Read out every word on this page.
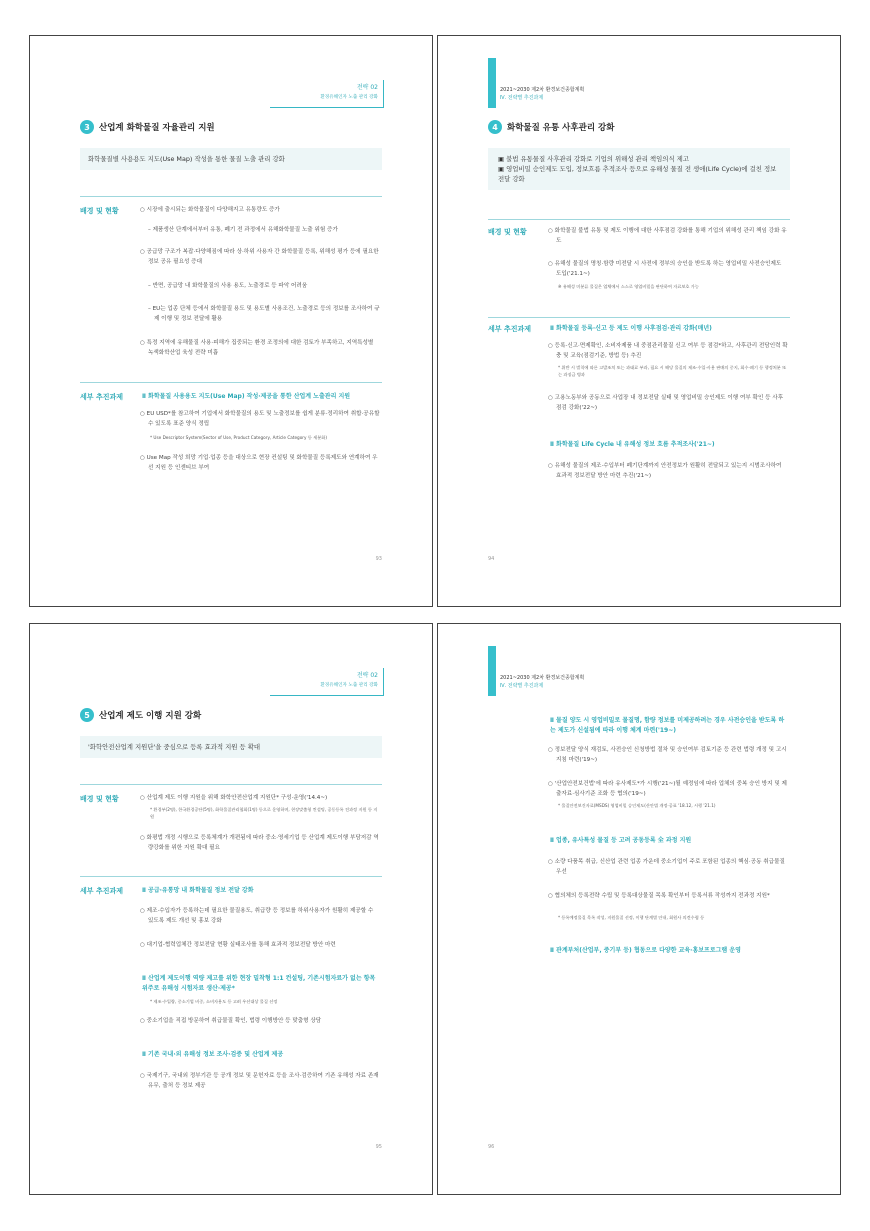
전략 02
환경유해인자 노출 관리 강화
3	산업계 화학물질 자율관리 지원
화학물질별 사용용도 지도(Use Map) 작성을 통한 물질 노출 관리 강화
배경 및 현황	○ 시장에 출시되는 화학물질이 다양해지고 유통량도 증가
– 제품생산 단계에서부터 유통, 폐기 전 과정에서 유해화학물질 노출 위험 증가
○ 공급망 구조가 복잡·다양해짐에 따라 상·하위 사용자 간 화학물질 등록, 위해성 평가 등에 필요한 정보 공유 필요성 증대
– 반면, 공급망 내 화학물질의 사용 용도, 노출경로 등 파악 어려움
– EU는 업종 단체 등에서 화학물질 용도 및 용도별 사용조건, 노출경로 등의 정보를 조사하여 규제 이행 및 정보 전달에 활용
○ 특정 지역에 유해물질 사용·피해가 집중되는 환경 조정의에 대한 검토가 부족하고, 지역특성별 녹색화학산업 육성 전략 미흡
세부 추진과제	Ⅱ 화학물질 사용용도 지도(Use Map) 작성·제공을 통한 산업계 노출관리 지원
○ EU USD*를 참고하여 기업에서 화학물질의 용도 및 노출정보를 쉽게 분류·정리하여 취합·공유할 수 있도록 표준 양식 정립
* Use Descriptor System(Sector of Use, Product Category, Article Category 등 세분화)
○ Use Map 작성 희망 기업·업종 등을 대상으로 현장 컨설팅 및 화학물질 등록제도와 연계하여 우선 지원 등 인센티브 부여
93
2021~2030 제2차 환경보건종합계획
Ⅳ. 전략별 추진과제
4	화학물질 유통 사후관리 강화
▣ 불법 유통물질 사후관리 강화로 기업의 위해성 관리 책임의식 제고
▣ 영업비밀 승인제도 도입, 정보흐름 추적조사 등으로 유해성 물질 전 생애(Life Cycle)에 걸친 정보 전달 강화
배경 및 현황	○ 화학물질 불법 유통 및 제도 이행에 대한 사후점검 강화를 통해 기업의 위해성 관리 책임 강화 유도
○ 유해성 물질의 명칭·함량 미전달 시 사전에 정부의 승인을 받도록 하는 영업비밀 사전승인제도 도입('21.1~)
※ 유해성 미분류 물질은 업체에서 스스로 영업비밀을 판단하여 자료보호 가능
세부 추진과제	Ⅱ 화학물질 등록·신고 등 제도 이행 사후점검·관리 강화(매년)
○ 등록·신고·면제확인, 소비자제품 내 중점관리물질 신고 여부 등 점검*하고, 사후관리 전담인력 확충 및 교육(점검기준, 방법 등) 추진
* 위반 시 벌칙에 따른 고발조치 또는 과태료 부과, 필요 시 해당 물질의 제조·수입·사용 판매의 중지, 회수·폐기 등 행정처분 또는 과징금 병과
○ 고용노동부와 공동으로 사업장 내 정보전달 실태 및 영업비밀 승인제도 이행 여부 확인 등 사후점검 강화('22~)
Ⅱ 화학물질 Life Cycle 내 유해성 정보 흐름 추적조사('21~)
○ 유해성 물질의 제조·수입부터 폐기단계까지 안전정보가 원활히 전달되고 있는지 시범조사하여 효과적 정보전달 방안 마련 추진('21~)
94
전략 02
환경유해인자 노출 관리 강화
5	산업계 제도 이행 지원 강화
'화학안전산업계 지원단'을 중심으로 등록 효과적 지원 등 확대
배경 및 현황	○ 산업계 제도 이행 지원을 위해 화학안전산업계 지원단* 구성·운영('14.4~)
* 환경부(2명), 한국환경공단(5명), 화학물질관리협회(1명) 등으로 운영하며, 현장맞춤형 컨설팅, 공동등록 전과정 지원 등 지원
○ 화평법 개정 시행으로 등록체계가 개편됨에 따라 중소·영세기업 등 산업계 제도이행 부담저감 역량강화를 위한 지원 확대 필요
세부 추진과제	Ⅱ 공급·유통망 내 화학물질 정보 전달 강화
○ 제조·수입자가 등록하는데 필요한 물질용도, 취급량 등 정보를 하위사용자가 원활히 제공할 수 있도록 제도 개선 및 홍보 강화
○ 대기업-협력업체간 정보전달 현황 실태조사를 통해 효과적 정보전달 방안 마련
Ⅱ 산업계 제도이행 역량 제고를 위한 현장 밀착형 1:1 컨설팅, 기존시험자료가 없는 항목 위주로 유해성 시험자료 생산·제공*
* 제조·수입량, 중소기업 비중, 소비자용도 등 고려 우선대상 물질 선정
○ 중소기업을 직접 방문하여 취급물질 확인, 법령 이행방안 등 맞춤형 상담
Ⅱ 기존 국내·외 유해성 정보 조사·검증 및 산업계 제공
○ 국제기구, 국내외 정부기관 등 공개 정보 및 문헌자료 등을 조사·검증하여 기존 유해성 자료 존재 유무, 출처 등 정보 제공
95
2021~2030 제2차 환경보건종합계획
Ⅳ. 전략별 추진과제
Ⅱ 물질 양도 시 영업비밀로 물질명, 함량 정보를 미제공하려는 경우 사전승인을 받도록 하는 제도가 신설됨에 따라 이행 체계 마련('19~)
○ 정보전달 양식 재검토, 사전승인 신청방법 절차 및 승인여부 검토기준 등 관련 법령 개정 및 고시 지침 마련('19~)
○ '산업안전보건법'에 따라 유사제도*가 시행('21~)될 예정임에 따라 업체의 중복 승인 방지 및 제출자료·심사기준 조화 등 협의('19~)
* 물질안전보건자료(MSDS) 영업비밀 승인제도(산안법 개정·공표 '18.12, 시행 '21.1)
Ⅱ 업종, 유사특성 물질 등 고려 공동등록 全 과정 지원
○ 소량 다품목 취급, 신산업 관련 업종 가운데 중소기업이 주로 포함된 업종의 핵심·공동 취급물질 우선
○ 협의체의 등록전략 수립 및 등록대상물질 목록 확인부터 등록서류 작성까지 전과정 지원*
* 등록예정물질 목록 작성, 지원물질 선정, 이행 단계별 안내, 회원사 의견수렴 등
Ⅱ 관계부처(산업부, 중기부 등) 협동으로 다양한 교육·홍보프로그램 운영
96
